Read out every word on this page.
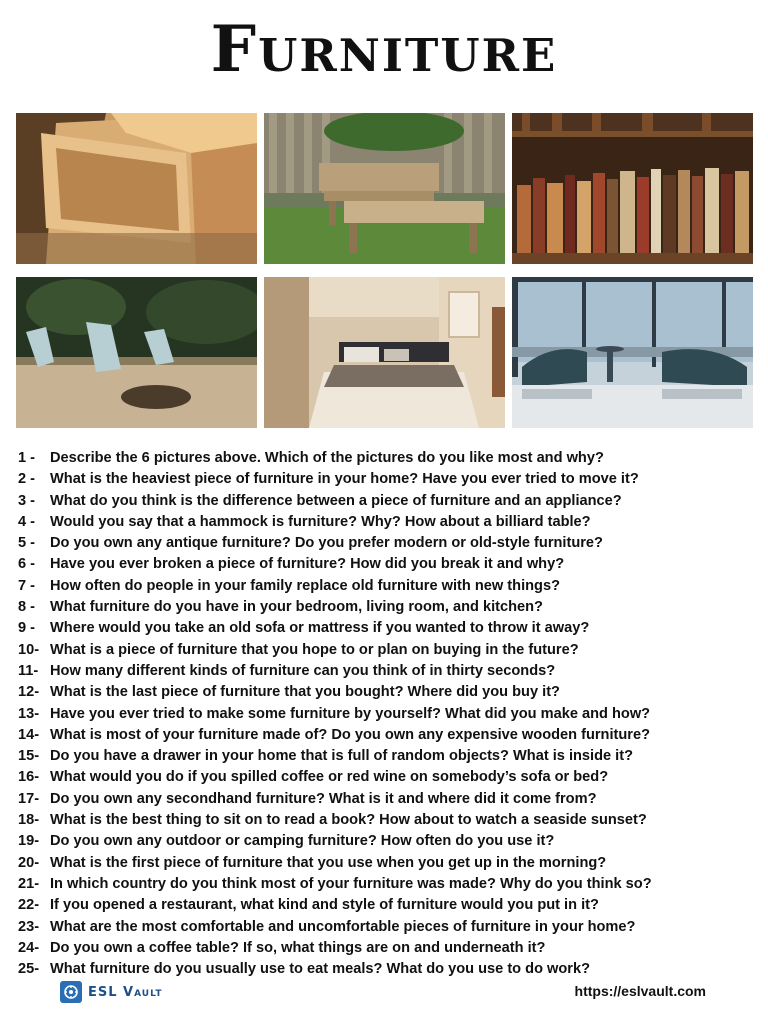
Furniture
1 - Describe the 6 pictures above. Which of the pictures do you like most and why?
2 - What is the heaviest piece of furniture in your home? Have you ever tried to move it?
3 - What do you think is the difference between a piece of furniture and an appliance?
4 - Would you say that a hammock is furniture? Why? How about a billiard table?
5 - Do you own any antique furniture? Do you prefer modern or old-style furniture?
6 - Have you ever broken a piece of furniture? How did you break it and why?
7 - How often do people in your family replace old furniture with new things?
8 - What furniture do you have in your bedroom, living room, and kitchen?
9 - Where would you take an old sofa or mattress if you wanted to throw it away?
10- What is a piece of furniture that you hope to or plan on buying in the future?
11- How many different kinds of furniture can you think of in thirty seconds?
12- What is the last piece of furniture that you bought? Where did you buy it?
13- Have you ever tried to make some furniture by yourself? What did you make and how?
14- What is most of your furniture made of? Do you own any expensive wooden furniture?
15- Do you have a drawer in your home that is full of random objects? What is inside it?
16- What would you do if you spilled coffee or red wine on somebody’s sofa or bed?
17- Do you own any secondhand furniture? What is it and where did it come from?
18- What is the best thing to sit on to read a book? How about to watch a seaside sunset?
19- Do you own any outdoor or camping furniture? How often do you use it?
20- What is the first piece of furniture that you use when you get up in the morning?
21- In which country do you think most of your furniture was made? Why do you think so?
22- If you opened a restaurant, what kind and style of furniture would you put in it?
23- What are the most comfortable and uncomfortable pieces of furniture in your home?
24- Do you own a coffee table? If so, what things are on and underneath it?
25- What furniture do you usually use to eat meals? What do you use to do work?
ESL Vault	https://eslvault.com
